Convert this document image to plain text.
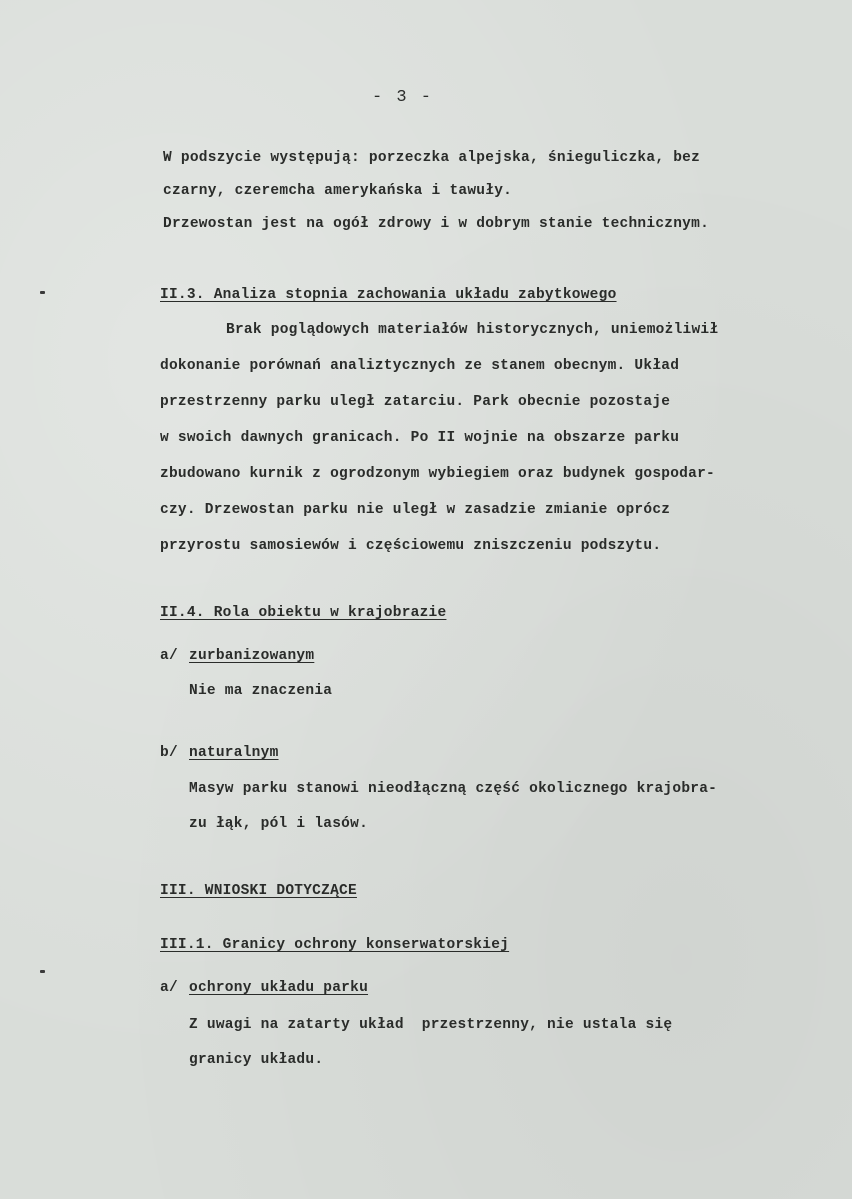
- 3 -
W podszycie występują: porzeczka alpejska, śnieguliczka, bez
czarny, czeremcha amerykańska i tawuły.
Drzewostan jest na ogół zdrowy i w dobrym stanie technicznym.
II.3. Analiza stopnia zachowania układu zabytkowego
Brak poglądowych materiałów historycznych, uniemożliwił
dokonanie porównań analiztycznych ze stanem obecnym. Układ
przestrzenny parku uległ zatarciu. Park obecnie pozostaje
w swoich dawnych granicach. Po II wojnie na obszarze parku
zbudowano kurnik z ogrodzonym wybiegiem oraz budynek gospodar-
czy. Drzewostan parku nie uległ w zasadzie zmianie oprócz
przyrostu samosiewów i częściowemu zniszczeniu podszytu.
II.4. Rola obiektu w krajobrazie
a/ zurbanizowanym
Nie ma znaczenia
b/ naturalnym
Masyw parku stanowi nieodłączną część okolicznego krajobra-
zu łąk, pól i lasów.
III. WNIOSKI DOTYCZĄCE
III.1. Granicy ochrony konserwatorskiej
a/ ochrony układu parku
Z uwagi na zatarty układ  przestrzenny, nie ustala się
granicy układu.
